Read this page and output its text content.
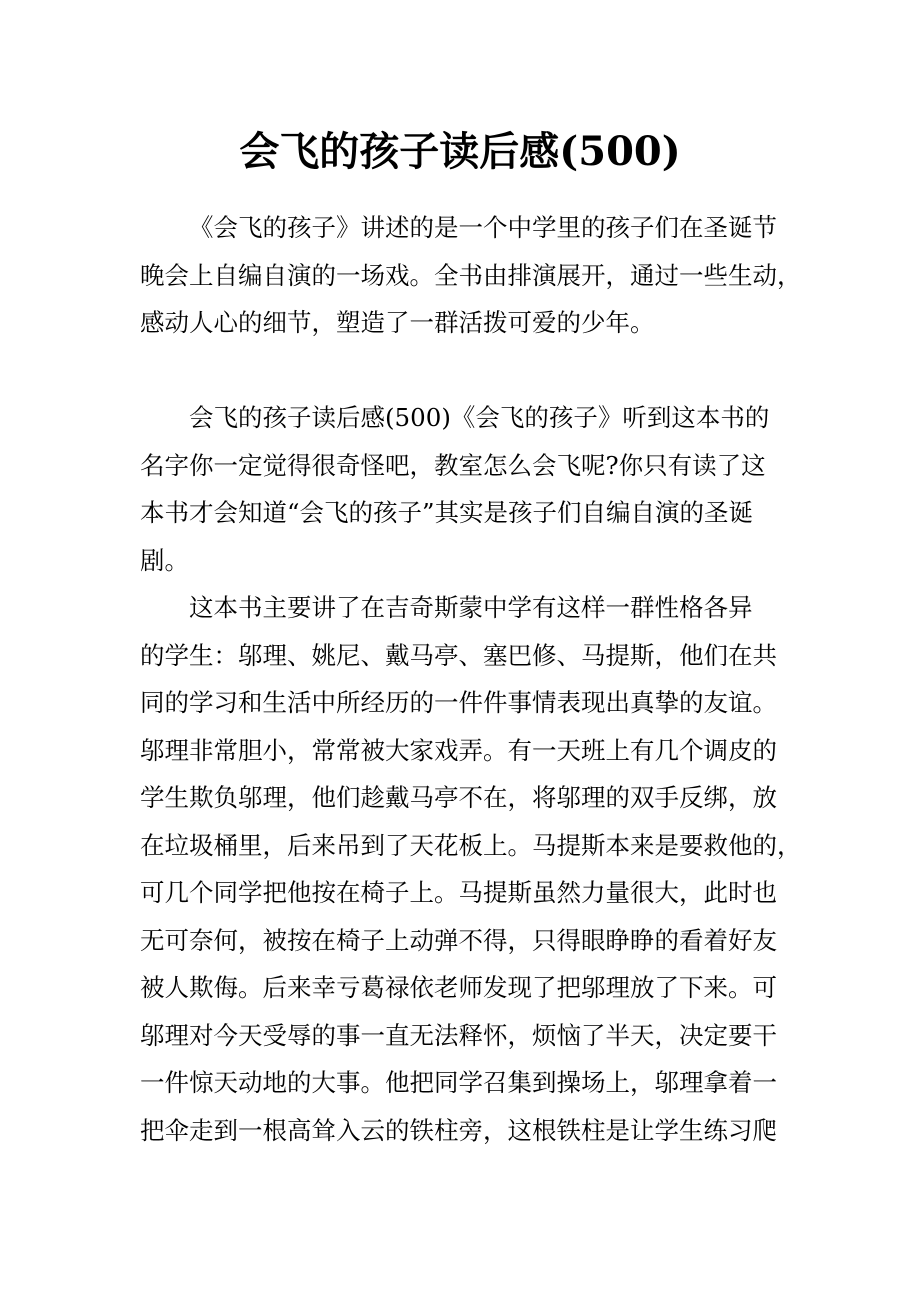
会飞的孩子读后感(500)

《会飞的孩子》讲述的是一个中学里的孩子们在圣诞节
晚会上自编自演的一场戏。全书由排演展开，通过一些生动，
感动人心的细节，塑造了一群活拨可爱的少年。

会飞的孩子读后感(500)《会飞的孩子》听到这本书的
名字你一定觉得很奇怪吧，教室怎么会飞呢?你只有读了这
本书才会知道“会飞的孩子”其实是孩子们自编自演的圣诞
剧。

这本书主要讲了在吉奇斯蒙中学有这样一群性格各异
的学生：邬理、姚尼、戴马亭、塞巴修、马提斯，他们在共
同的学习和生活中所经历的一件件事情表现出真挚的友谊。
邬理非常胆小，常常被大家戏弄。有一天班上有几个调皮的
学生欺负邬理，他们趁戴马亭不在，将邬理的双手反绑，放
在垃圾桶里，后来吊到了天花板上。马提斯本来是要救他的，
可几个同学把他按在椅子上。马提斯虽然力量很大，此时也
无可奈何，被按在椅子上动弹不得，只得眼睁睁的看着好友
被人欺侮。后来幸亏葛禄依老师发现了把邬理放了下来。可
邬理对今天受辱的事一直无法释怀，烦恼了半天，决定要干
一件惊天动地的大事。他把同学召集到操场上，邬理拿着一
把伞走到一根高耸入云的铁柱旁，这根铁柱是让学生练习爬
